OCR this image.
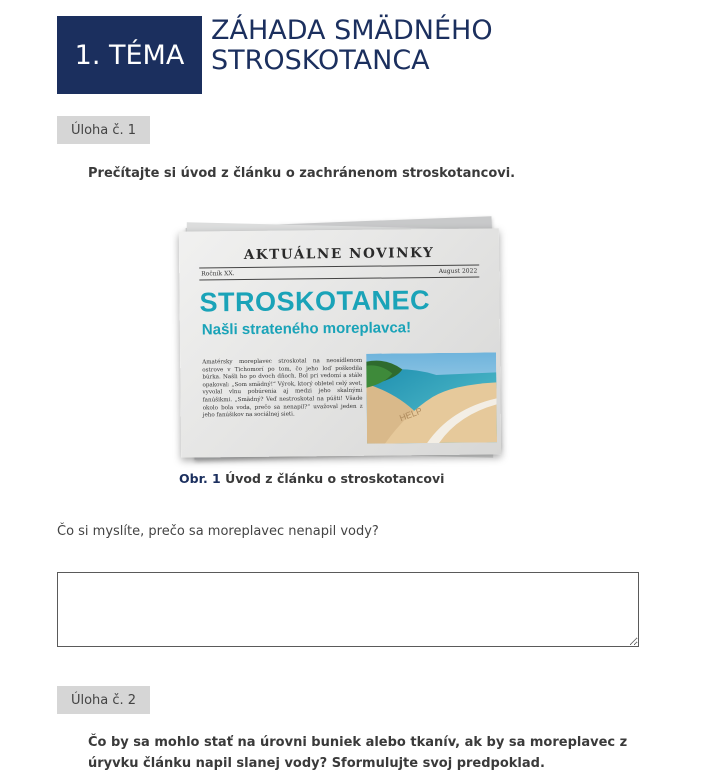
1. TÉMA
ZÁHADA SMÄDNÉHO
STROSKOTANCA
Úloha č. 1
Prečítajte si úvod z článku o zachránenom stroskotancovi.
AKTUÁLNE NOVINKY
Ročník XX.	August 2022
STROSKOTANEC
Našli strateného moreplavca!
Amatérsky moreplavec stroskotal na neosídlenom ostrove v Tichomorí po tom, čo jeho loď poškodila búrka. Našli ho po dvoch dňoch. Bol pri vedomí a stále opakoval: „Som smädný!“ Výrok, ktorý obletel celý svet, vyvolal vlnu pobúrenia aj medzi jeho skalnými fanúšikmi. „Smädný? Veď nestroskotal na púšti! Všade okolo bola voda, prečo sa nenapil?“ uvažoval jeden z jeho fanúšikov na sociálnej sieti.	HELP
Obr. 1 Úvod z článku o stroskotancovi
Čo si myslíte, prečo sa moreplavec nenapil vody?
Úloha č. 2
Čo by sa mohlo stať na úrovni buniek alebo tkanív, ak by sa moreplavec z úryvku článku napil slanej vody? Sformulujte svoj predpoklad.
